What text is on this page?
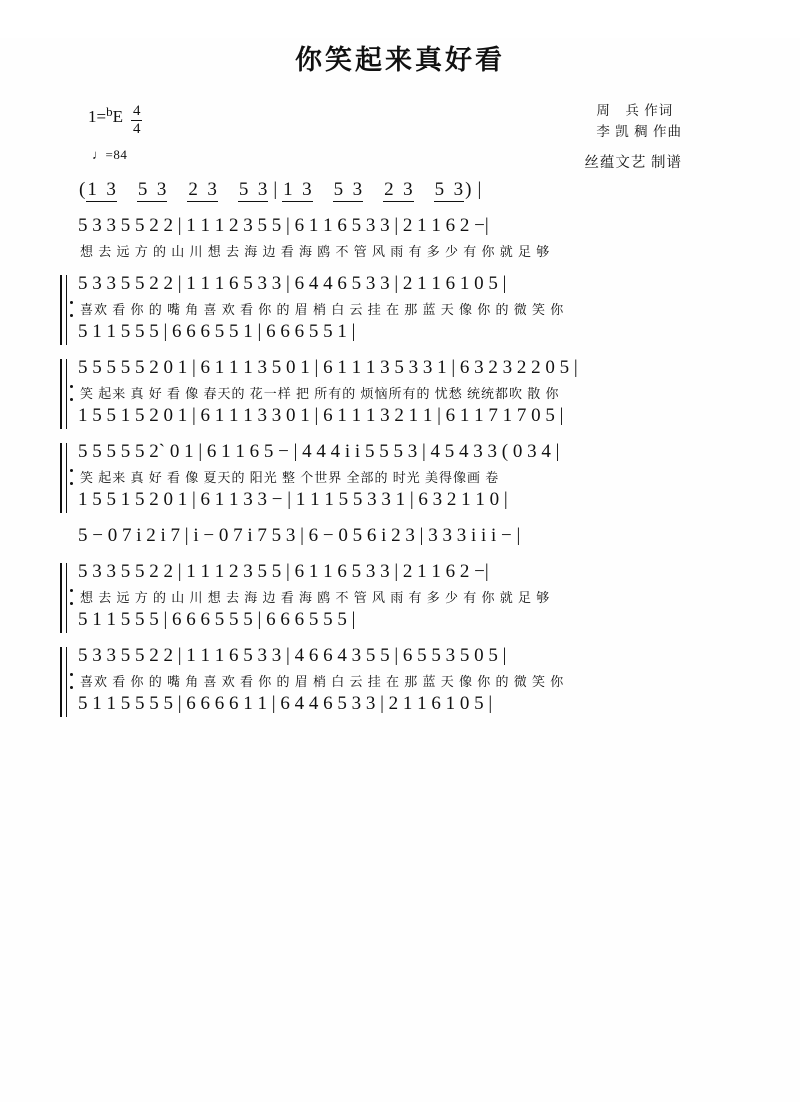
你笑起来真好看
1= b E $\frac{4}{4}$
♩=84
周　兵 作词
李 凯 稠 作曲
丝蕴文艺 制谱
( 1  3 5  3 2  3 5  3 | 1  3 5  3 2  3 5  3 ) |
5 3 3 5 5 2 2 | 1 1 1 2 3 5 5 | 6 1 1 6 5 3 3 | 2 1 1 6 2 −|
想 去 远 方 的 山 川 想 去 海 边 看 海 鸥 不 管 风 雨 有 多 少 有 你 就 足 够
5 3 3 5 5 2 2 | 1 1 1 6 5 3 3 | 6 4 4 6 5 3 3 | 2 1 1 6 1 0 5 |
喜欢 看 你 的 嘴 角 喜 欢 看 你 的 眉 梢 白 云 挂 在 那 蓝 天 像 你 的 微 笑 你
5 1 1 5 5 5 | 6 6 6 5 5 1 | 6 6 6 5 5 1 |
5 5 5 5 5 2 0 1 | 6 1 1 1 3 5 0 1 | 6 1 1 1 3 5 3 3 1 | 6 3 2 3 2 2 0 5 |
笑 起来 真 好 看 像 春天的 花一样 把 所有的 烦恼所有的 忧愁 统统都吹 散 你
1 5 5 1 5 2 0 1 | 6 1 1 1 3 3 0 1 | 6 1 1 1 3 2 1 1 | 6 1 1 7 1 7 0 5 |
5 5 5 5 5 2` 0 1 | 6 1 1 6 5 − | 4 4 4 i i 5 5 5 3 | 4 5 4 3 3 ( 0 3 4 |
笑 起来 真 好 看 像 夏天的 阳光 整 个世界 全部的 时光 美得像画 卷
1 5 5 1 5 2 0 1 | 6 1 1 3 3 − | 1 1 1 5 5 3 3 1 | 6 3 2 1 1 0 |
5 − 0 7 i 2 i 7 | i − 0 7 i 7 5 3 | 6 − 0 5 6 i 2 3 | 3 3 3 i i i − |
5 3 3 5 5 2 2 | 1 1 1 2 3 5 5 | 6 1 1 6 5 3 3 | 2 1 1 6 2 −|
想 去 远 方 的 山 川 想 去 海 边 看 海 鸥 不 管 风 雨 有 多 少 有 你 就 足 够
5 1 1 5 5 5 | 6 6 6 5 5 5 | 6 6 6 5 5 5 |
5 3 3 5 5 2 2 | 1 1 1 6 5 3 3 | 4 6 6 4 3 5 5 | 6 5 5 3 5 0 5 |
喜欢 看 你 的 嘴 角 喜 欢 看 你 的 眉 梢 白 云 挂 在 那 蓝 天 像 你 的 微 笑 你
5 1 1 5 5 5 5 | 6 6 6 6 1 1 | 6 4 4 6 5 3 3 | 2 1 1 6 1 0 5 |
